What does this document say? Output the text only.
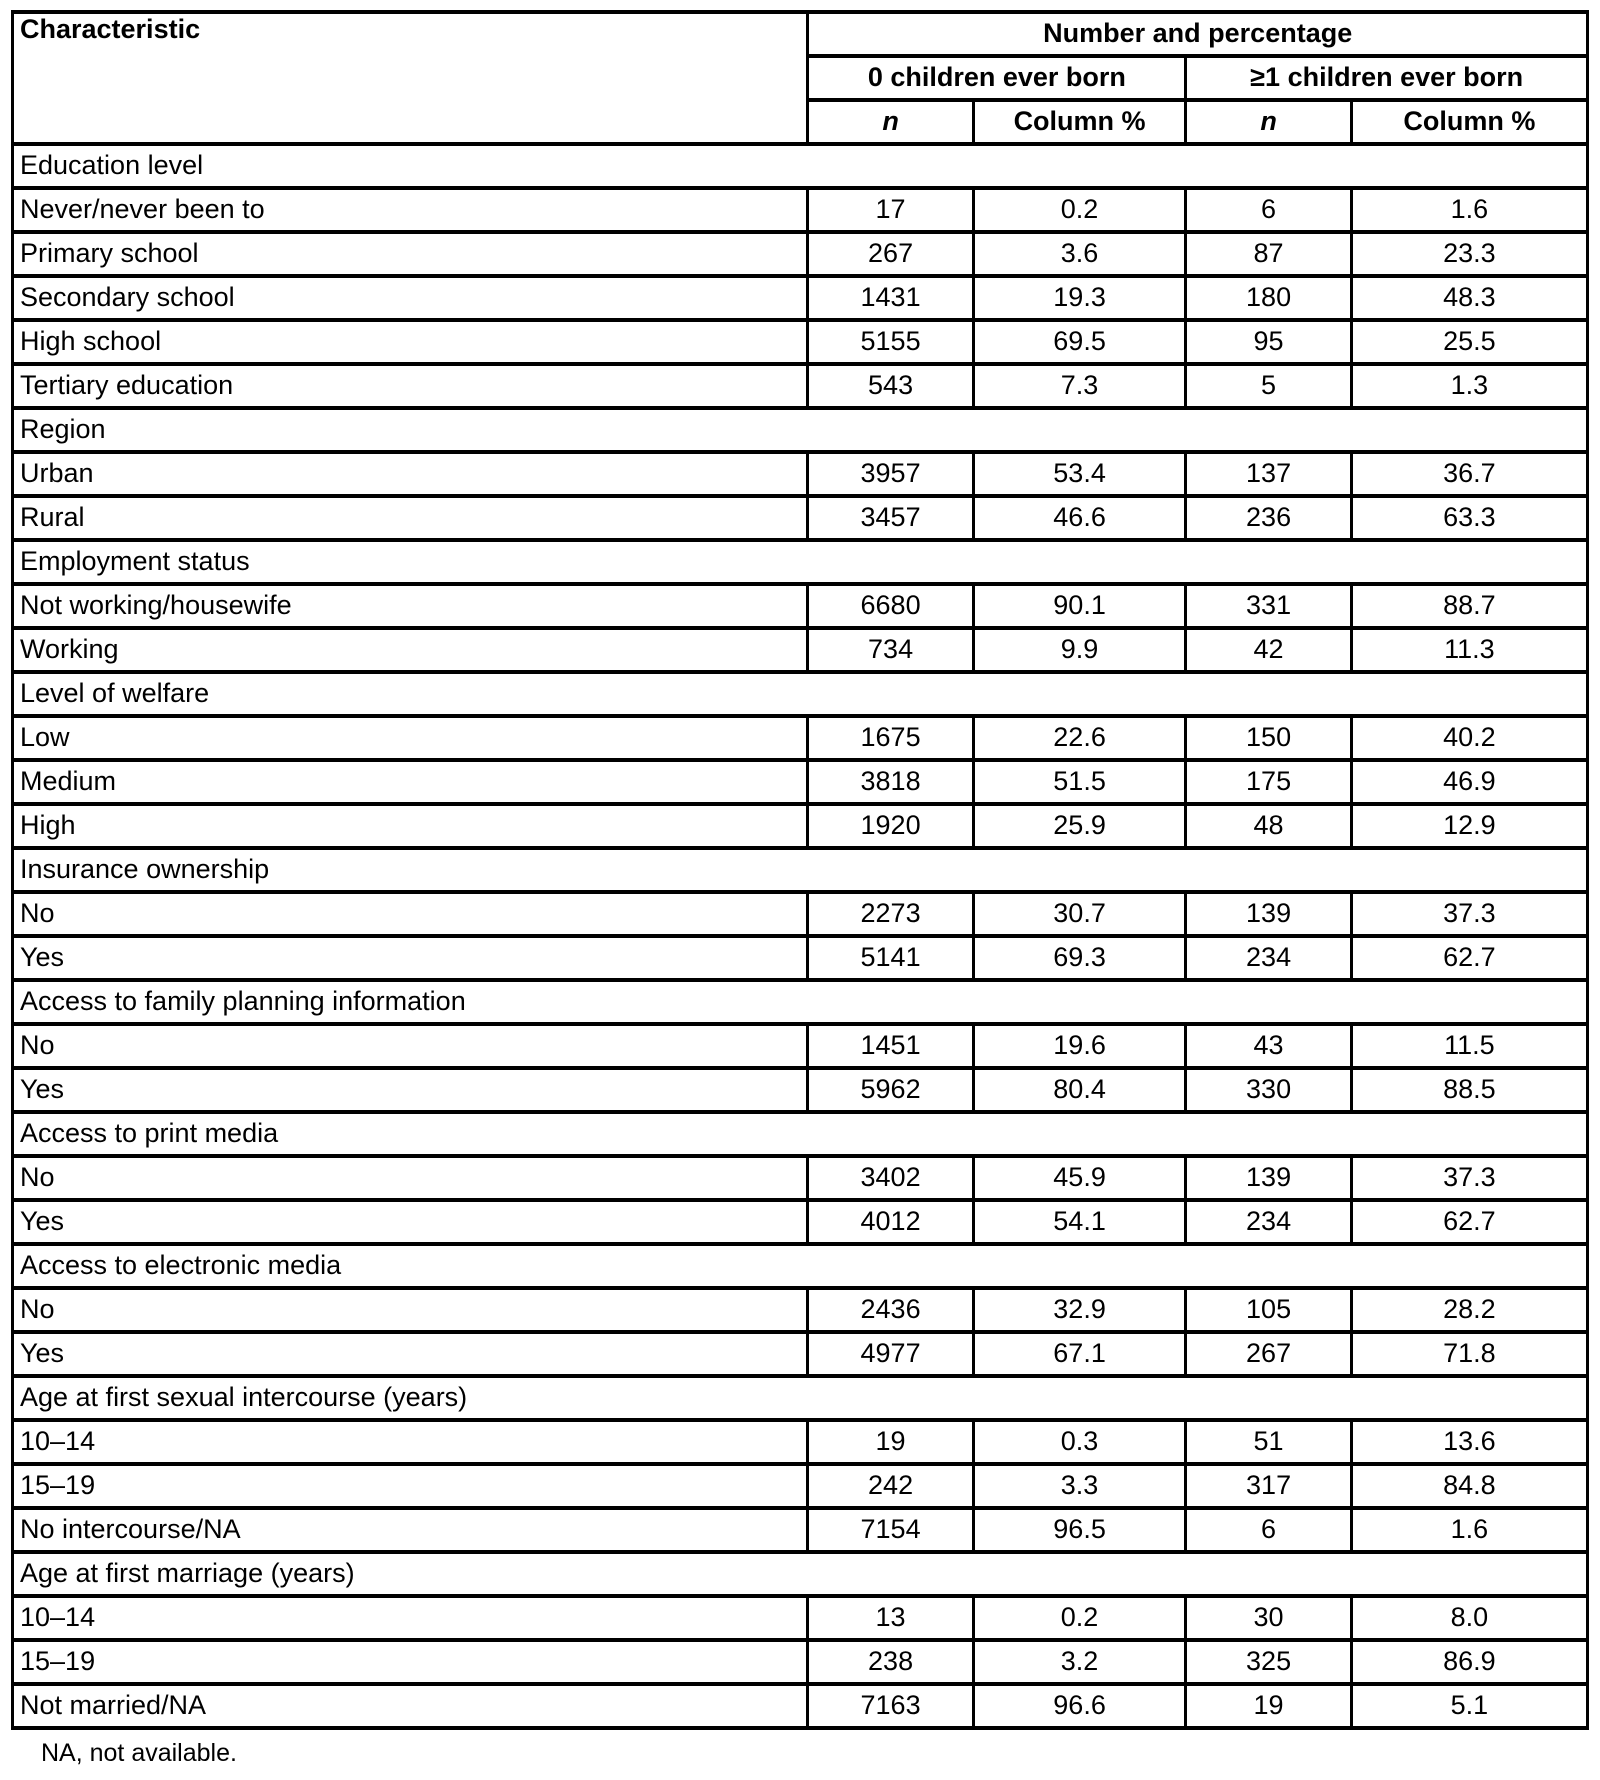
Characteristic	Number and percentage			
	0 children ever born		≥1 children ever born	
	n	Column %	n	Column %
Education level				
Never/never been to	17	0.2	6	1.6
Primary school	267	3.6	87	23.3
Secondary school	1431	19.3	180	48.3
High school	5155	69.5	95	25.5
Tertiary education	543	7.3	5	1.3
Region				
Urban	3957	53.4	137	36.7
Rural	3457	46.6	236	63.3
Employment status				
Not working/housewife	6680	90.1	331	88.7
Working	734	9.9	42	11.3
Level of welfare				
Low	1675	22.6	150	40.2
Medium	3818	51.5	175	46.9
High	1920	25.9	48	12.9
Insurance ownership				
No	2273	30.7	139	37.3
Yes	5141	69.3	234	62.7
Access to family planning information				
No	1451	19.6	43	11.5
Yes	5962	80.4	330	88.5
Access to print media				
No	3402	45.9	139	37.3
Yes	4012	54.1	234	62.7
Access to electronic media				
No	2436	32.9	105	28.2
Yes	4977	67.1	267	71.8
Age at first sexual intercourse (years)				
10–14	19	0.3	51	13.6
15–19	242	3.3	317	84.8
No intercourse/NA	7154	96.5	6	1.6
Age at first marriage (years)				
10–14	13	0.2	30	8.0
15–19	238	3.2	325	86.9
Not married/NA	7163	96.6	19	5.1
NA, not available.
